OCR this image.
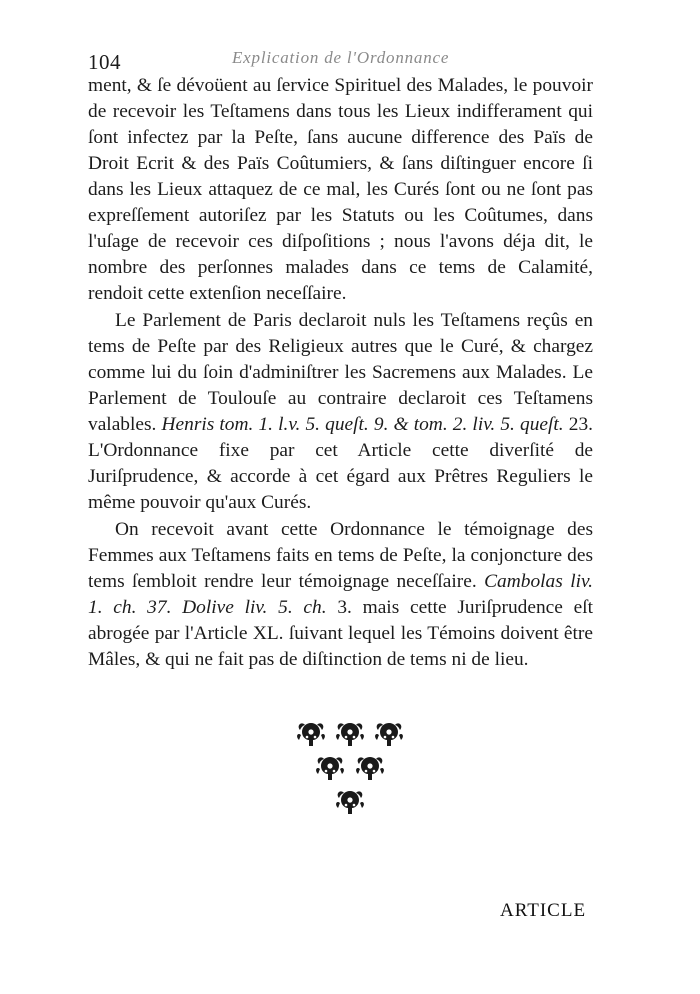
104	Explication de l'Ordonnance

ment, & ſe dévoüent au ſervice Spirituel des Malades, le pouvoir de recevoir les Teſtamens dans tous les Lieux indifferament qui ſont infectez par la Peſte, ſans aucune difference des Païs de Droit Ecrit & des Païs Coûtumiers, & ſans diſtinguer encore ſi dans les Lieux attaquez de ce mal, les Curés ſont ou ne ſont pas expreſſement autoriſez par les Statuts ou les Coûtumes, dans l'uſage de recevoir ces diſpoſitions ; nous l'avons déja dit, le nombre des perſonnes malades dans ce tems de Calamité, rendoit cette extenſion neceſſaire.

Le Parlement de Paris declaroit nuls les Teſtamens reçûs en tems de Peſte par des Religieux autres que le Curé, & chargez comme lui du ſoin d'adminiſtrer les Sacremens aux Malades. Le Parlement de Toulouſe au contraire declaroit ces Teſtamens valables. Henris tom. 1. l.v. 5. queſt. 9. & tom. 2. liv. 5. queſt. 23. L'Ordonnance fixe par cet Article cette diverſité de Juriſprudence, & accorde à cet égard aux Prêtres Reguliers le même pouvoir qu'aux Curés.

On recevoit avant cette Ordonnance le témoignage des Femmes aux Teſtamens faits en tems de Peſte, la conjoncture des tems ſembloit rendre leur témoignage neceſſaire. Cambolas liv. 1. ch. 37. Dolive liv. 5. ch. 3. mais cette Juriſprudence eſt abrogée par l'Article XL. ſuivant lequel les Témoins doivent être Mâles, & qui ne fait pas de diſtinction de tems ni de lieu.

ARTICLE
